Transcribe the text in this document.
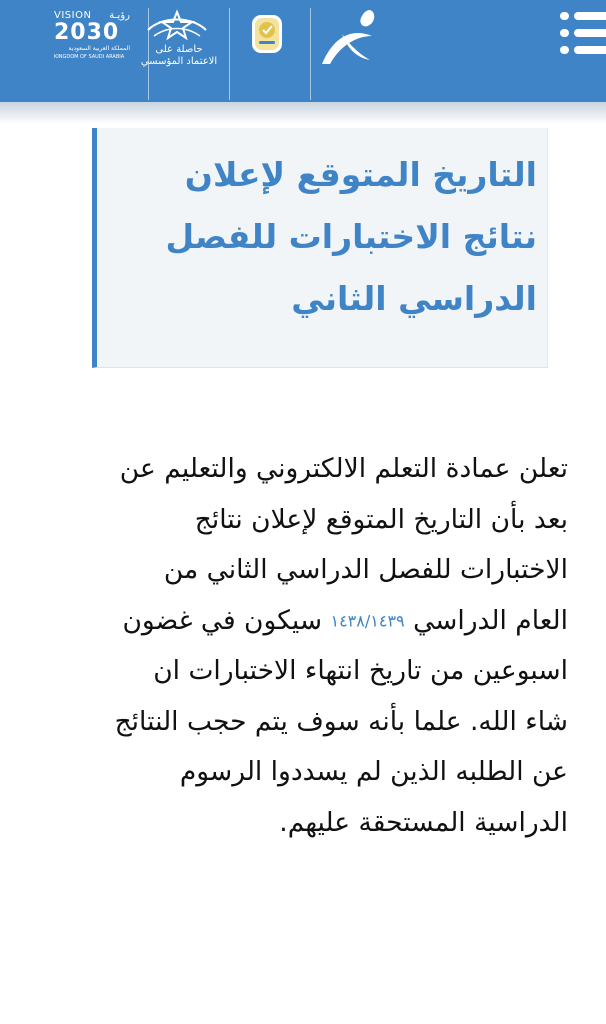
حاصلة على
الاعتماد المؤسسي
VISION رؤيـة
2030
المملكة العربية السعودية
KINGDOM OF SAUDI ARABIA
التاريخ المتوقع لإعلان نتائج الاختبارات للفصل الدراسي الثاني
تعلن عمادة التعلم الالكتروني والتعليم عن بعد بأن التاريخ المتوقع لإعلان نتائج الاختبارات للفصل الدراسي الثاني من العام الدراسي ١٤٣٨/١٤٣٩ سيكون في غضون اسبوعين من تاريخ انتهاء الاختبارات ان شاء الله. علما بأنه سوف يتم حجب النتائج عن الطلبه الذين لم يسددوا الرسوم الدراسية المستحقة عليهم.
